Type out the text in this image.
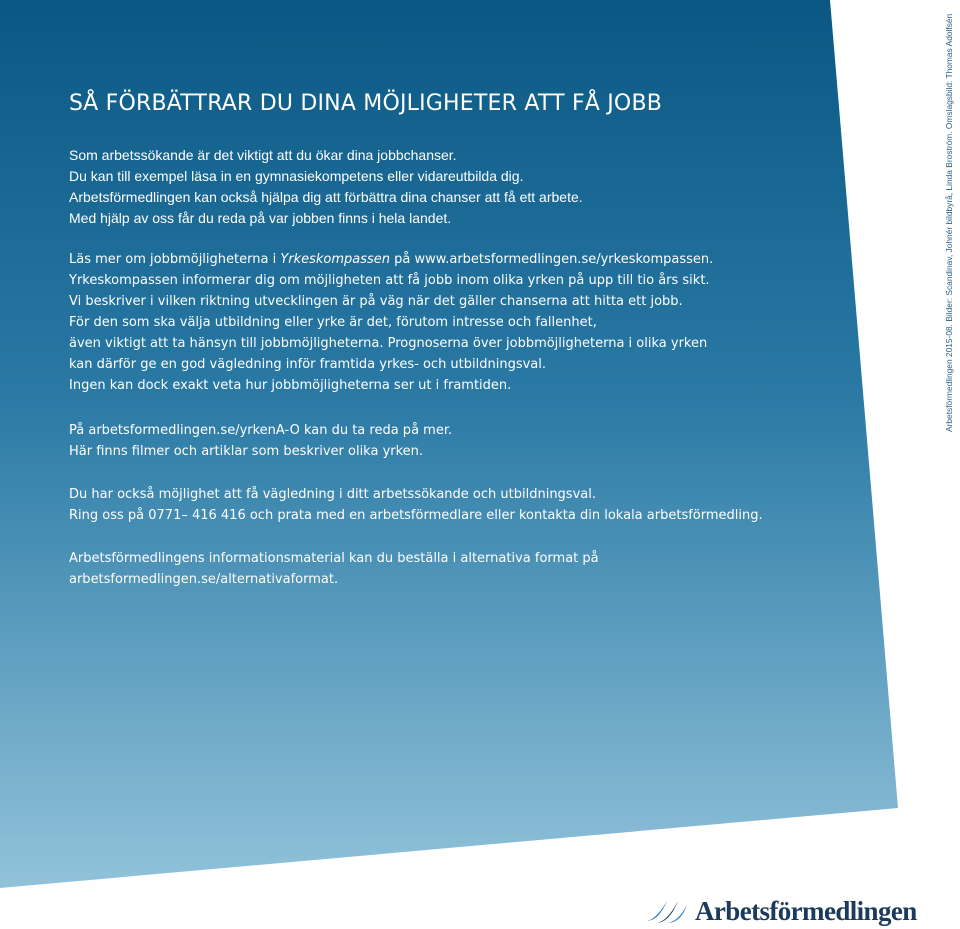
SÅ FÖRBÄTTRAR DU DINA MÖJLIGHETER ATT FÅ JOBB

Som arbetssökande är det viktigt att du ökar dina jobbchanser.
Du kan till exempel läsa in en gymnasiekompetens eller vidareutbilda dig.
Arbetsförmedlingen kan också hjälpa dig att förbättra dina chanser att få ett arbete.
Med hjälp av oss får du reda på var jobben finns i hela landet.

Läs mer om jobbmöjligheterna i Yrkeskompassen på www.arbetsformedlingen.se/yrkeskompassen.
Yrkeskompassen informerar dig om möjligheten att få jobb inom olika yrken på upp till tio års sikt.
Vi beskriver i vilken riktning utvecklingen är på väg när det gäller chanserna att hitta ett jobb.
För den som ska välja utbildning eller yrke är det, förutom intresse och fallenhet,
även viktigt att ta hänsyn till jobbmöjligheterna. Prognoserna över jobbmöjligheterna i olika yrken
kan därför ge en god vägledning inför framtida yrkes- och utbildningsval.
Ingen kan dock exakt veta hur jobbmöjligheterna ser ut i framtiden.

På arbetsformedlingen.se/yrkenA-O kan du ta reda på mer.
Här finns filmer och artiklar som beskriver olika yrken.

Du har också möjlighet att få vägledning i ditt arbetssökande och utbildningsval.
Ring oss på 0771– 416 416 och prata med en arbetsförmedlare eller kontakta din lokala arbetsförmedling.

Arbetsförmedlingens informationsmaterial kan du beställa i alternativa format på
arbetsformedlingen.se/alternativaformat.

Arbetsförmedlingen 2015-08. Bilder: Scandinav, Johnér bildbyrå, Linda Broström. Omslagsbild: Thomas Adolfsén
Arbetsförmedlingen
